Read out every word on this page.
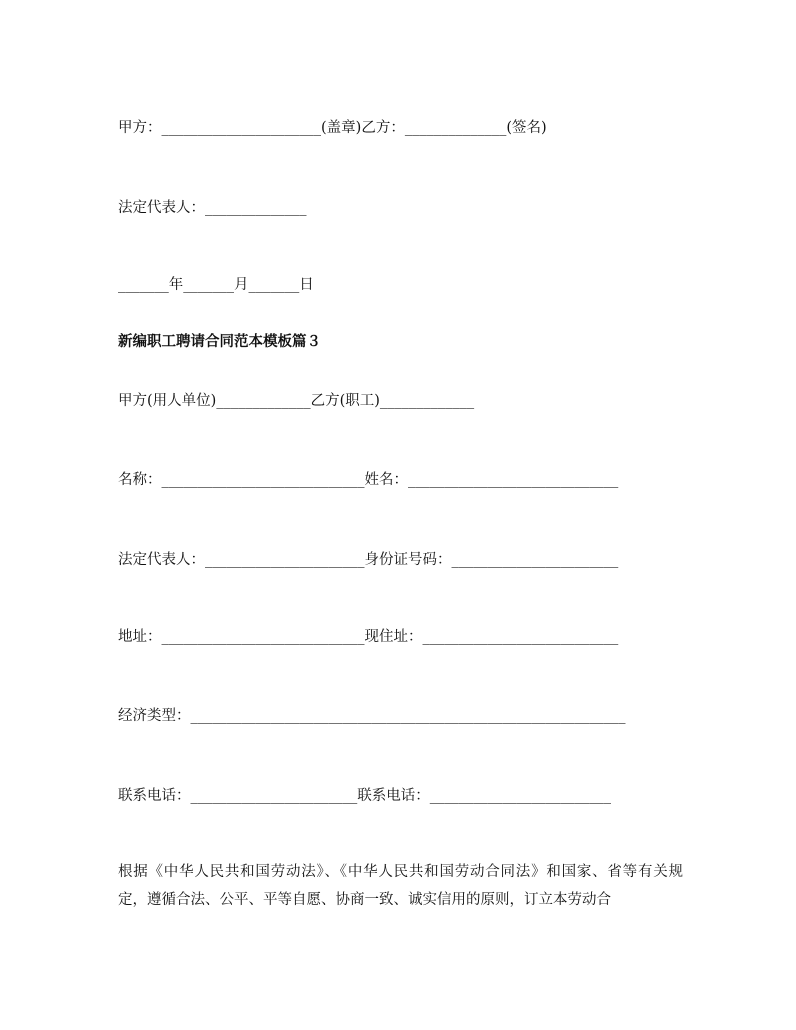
甲方：______________________(盖章)乙方：______________(签名)

法定代表人：______________

_______年_______月_______日

新编职工聘请合同范本模板篇３

甲方(用人单位)_____________乙方(职工)_____________

名称：____________________________姓名：_____________________________

法定代表人：______________________身份证号码：_______________________

地址：____________________________现住址：___________________________

经济类型：____________________________________________________________

联系电话：_______________________联系电话：_________________________

根据《中华人民共和国劳动法》、《中华人民共和国劳动合同法》和国家、省等有关规定，遵循合法、公平、平等自愿、协商一致、诚实信用的原则，订立本劳动合
